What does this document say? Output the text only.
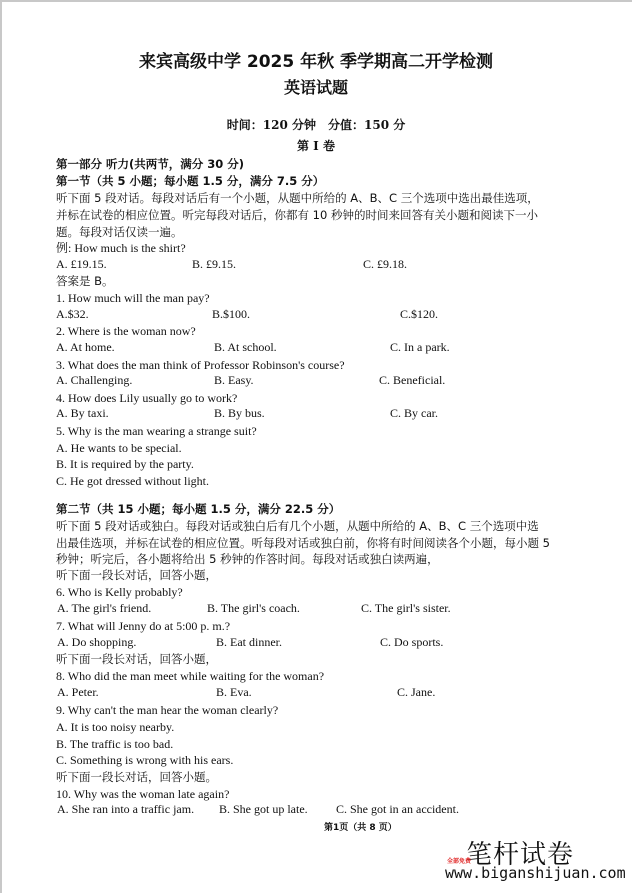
来宾高级中学 2025 年秋 季学期高二开学检测
英语试题
时间：120 分钟　分值：150 分
第 I 卷
第一部分 听力(共两节，满分 30 分)
第一节（共 5 小题；每小题 1.5 分，满分 7.5 分）
听下面 5 段对话。每段对话后有一个小题，从题中所给的 A、B、C 三个选项中选出最佳选项，
并标在试卷的相应位置。听完每段对话后，你都有 10 秒钟的时间来回答有关小题和阅读下一小
题。每段对话仅读一遍。
例: How much is the shirt?
A. £19.15.	B. £9.15.	C. £9.18.
答案是 B。
1. How much will the man pay?
A.$32.	B.$100.	C.$120.
2. Where is the woman now?
A. At home.	B. At school.	C. In a park.
3. What does the man think of Professor Robinson's course?
A. Challenging.	B. Easy.	C. Beneficial.
4. How does Lily usually go to work?
A. By taxi.	B. By bus.	C. By car.
5. Why is the man wearing a strange suit?
A. He wants to be special.
B. It is required by the party.
C. He got dressed without light.
第二节（共 15 小题；每小题 1.5 分，满分 22.5 分）
听下面 5 段对话或独白。每段对话或独白后有几个小题，从题中所给的 A、B、C 三个选项中选
出最佳选项，并标在试卷的相应位置。听每段对话或独白前，你将有时间阅读各个小题，每小题 5
秒钟；听完后，各小题将给出 5 秒钟的作答时间。每段对话或独白读两遍，
听下面一段长对话，回答小题，
6. Who is Kelly probably?
A. The girl's friend.	B. The girl's coach.	C. The girl's sister.
7. What will Jenny do at 5:00 p. m.?
A. Do shopping.	B. Eat dinner.	C. Do sports.
听下面一段长对话，回答小题，
8. Who did the man meet while waiting for the woman?
A. Peter.	B. Eva.	C. Jane.
9. Why can't the man hear the woman clearly?
A. It is too noisy nearby.
B. The traffic is too bad.
C. Something is wrong with his ears.
听下面一段长对话，回答小题。
10. Why was the woman late again?
A. She ran into a traffic jam. B. She got up late. C. She got in an accident.
第1页（共 8 页）
笔杆试卷
全部免费
www.biganshijuan.com
